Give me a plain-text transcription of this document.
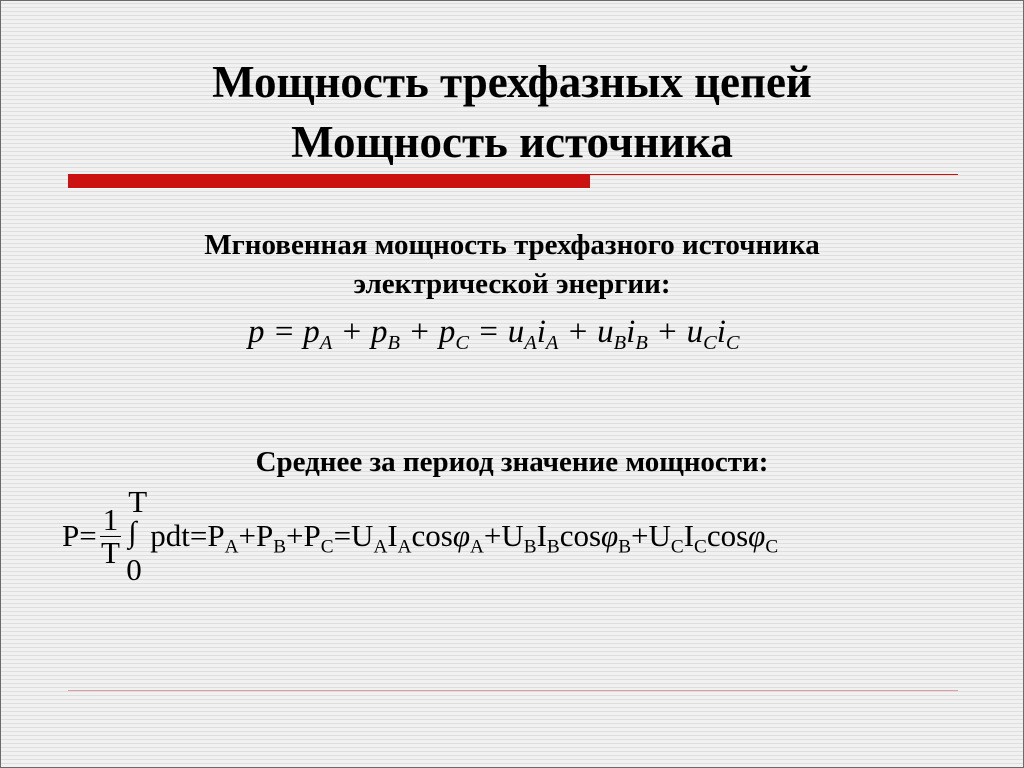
Мощность трехфазных цепей
Мощность источника
Мгновенная мощность трехфазного источника
электрической энергии:
$p = p_A + p_B + p_C = u_Ai_A + u_Bi_B + u_Ci_C$
Среднее за период значение мощности:
$P= \frac{1}{T}$
T
∫
0
$pdt=P_A+P_B+P_C=U_AI_A\cos\varphi_A+U_BI_B\cos\varphi_B+U_CI_C\cos\varphi_C$
